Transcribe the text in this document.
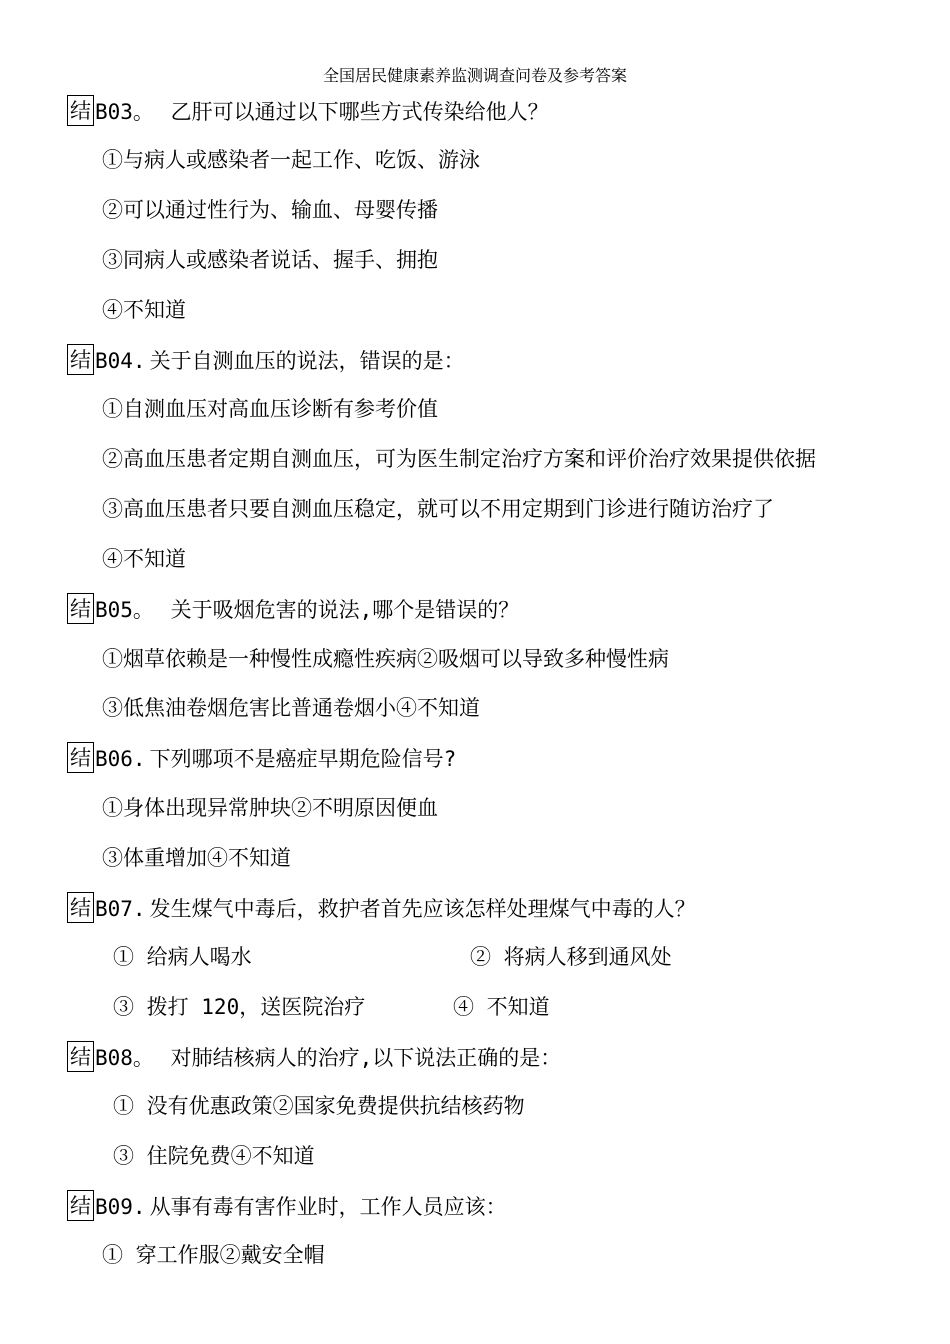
全国居民健康素养监测调查问卷及参考答案
结 B03。 乙肝可以通过以下哪些方式传染给他人？
①与病人或感染者一起工作、吃饭、游泳
②可以通过性行为、输血、母婴传播
③同病人或感染者说话、握手、拥抱
④不知道
结 B04. 关于自测血压的说法，错误的是：
①自测血压对高血压诊断有参考价值
②高血压患者定期自测血压，可为医生制定治疗方案和评价治疗效果提供依据
③高血压患者只要自测血压稳定，就可以不用定期到门诊进行随访治疗了
④不知道
结 B05。 关于吸烟危害的说法,哪个是错误的？
①烟草依赖是一种慢性成瘾性疾病②吸烟可以导致多种慢性病
③低焦油卷烟危害比普通卷烟小④不知道
结 B06. 下列哪项不是癌症早期危险信号?
①身体出现异常肿块②不明原因便血
③体重增加④不知道
结 B07. 发生煤气中毒后，救护者首先应该怎样处理煤气中毒的人？
① 给病人喝水	② 将病人移到通风处
③ 拨打 120，送医院治疗	④ 不知道
结 B08。 对肺结核病人的治疗,以下说法正确的是：
① 没有优惠政策②国家免费提供抗结核药物
③ 住院免费④不知道
结 B09. 从事有毒有害作业时，工作人员应该：
① 穿工作服②戴安全帽
